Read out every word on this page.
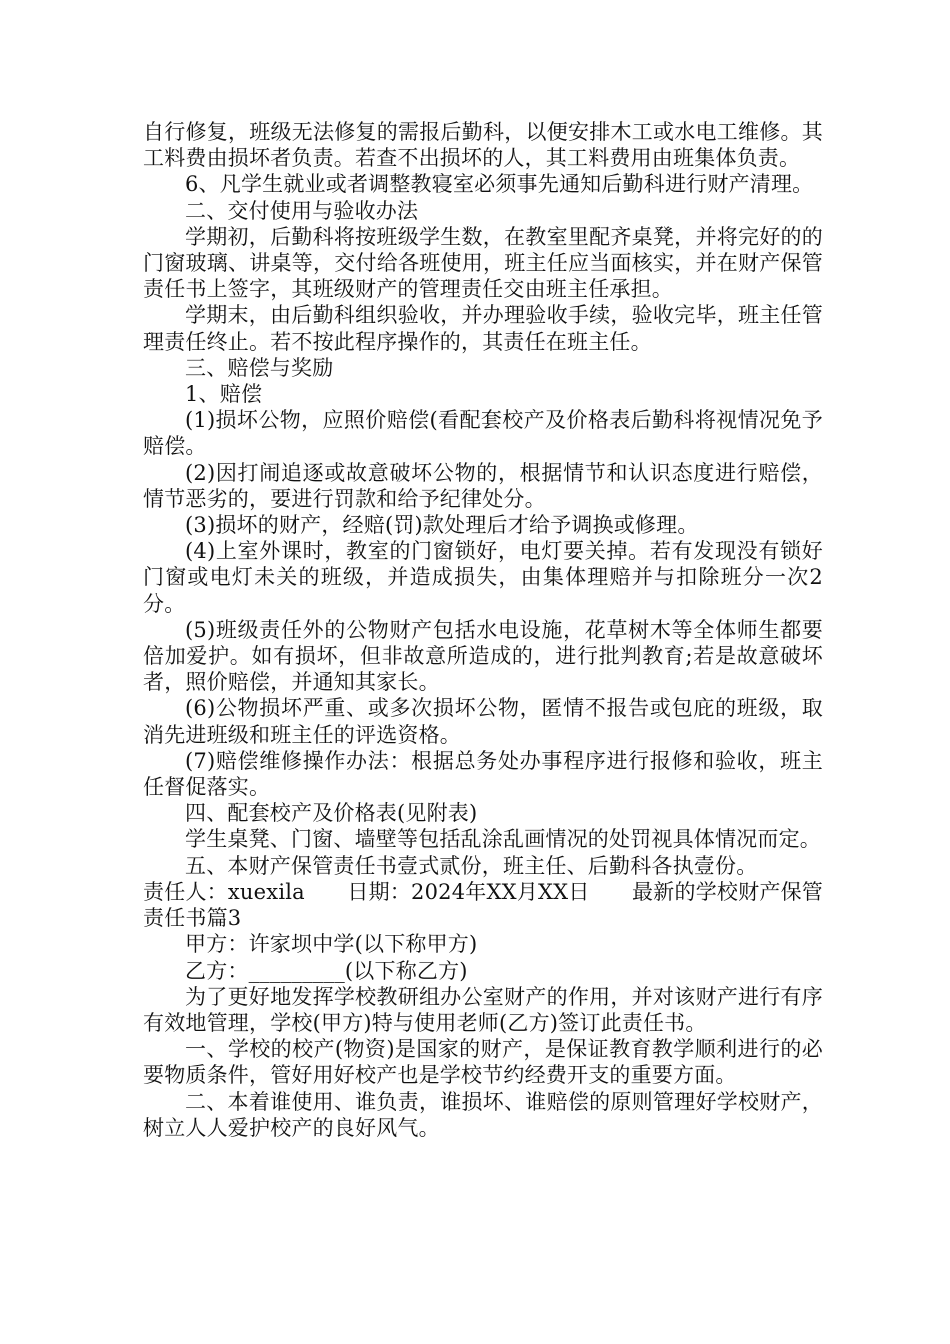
自行修复，班级无法修复的需报后勤科，以便安排木工或水电工维修。其工料费由损坏者负责。若查不出损坏的人，其工料费用由班集体负责。

6、凡学生就业或者调整教寝室必须事先通知后勤科进行财产清理。

二、交付使用与验收办法

学期初，后勤科将按班级学生数，在教室里配齐桌凳，并将完好的的门窗玻璃、讲桌等，交付给各班使用，班主任应当面核实，并在财产保管责任书上签字，其班级财产的管理责任交由班主任承担。

学期末，由后勤科组织验收，并办理验收手续，验收完毕，班主任管理责任终止。若不按此程序操作的，其责任在班主任。

三、赔偿与奖励

1、赔偿

(1)损坏公物，应照价赔偿(看配套校产及价格表后勤科将视情况免予赔偿。

(2)因打闹追逐或故意破坏公物的，根据情节和认识态度进行赔偿，情节恶劣的，要进行罚款和给予纪律处分。

(3)损坏的财产，经赔(罚)款处理后才给予调换或修理。

(4)上室外课时，教室的门窗锁好，电灯要关掉。若有发现没有锁好门窗或电灯未关的班级，并造成损失，由集体理赔并与扣除班分一次2分。

(5)班级责任外的公物财产包括水电设施，花草树木等全体师生都要倍加爱护。如有损坏，但非故意所造成的，进行批判教育;若是故意破坏者，照价赔偿，并通知其家长。

(6)公物损坏严重、或多次损坏公物，匿情不报告或包庇的班级，取消先进班级和班主任的评选资格。

(7)赔偿维修操作办法：根据总务处办事程序进行报修和验收，班主任督促落实。

四、配套校产及价格表(见附表)

学生桌凳、门窗、墙壁等包括乱涂乱画情况的处罚视具体情况而定。

五、本财产保管责任书壹式贰份，班主任、后勤科各执壹份。

责任人：xuexila　　日期：2024年XX月XX日　　最新的学校财产保管责任书篇3

甲方：许家坝中学(以下称甲方)

乙方：_________(以下称乙方)

为了更好地发挥学校教研组办公室财产的作用，并对该财产进行有序有效地管理，学校(甲方)特与使用老师(乙方)签订此责任书。

一、学校的校产(物资)是国家的财产，是保证教育教学顺利进行的必要物质条件，管好用好校产也是学校节约经费开支的重要方面。

二、本着谁使用、谁负责，谁损坏、谁赔偿的原则管理好学校财产，树立人人爱护校产的良好风气。
